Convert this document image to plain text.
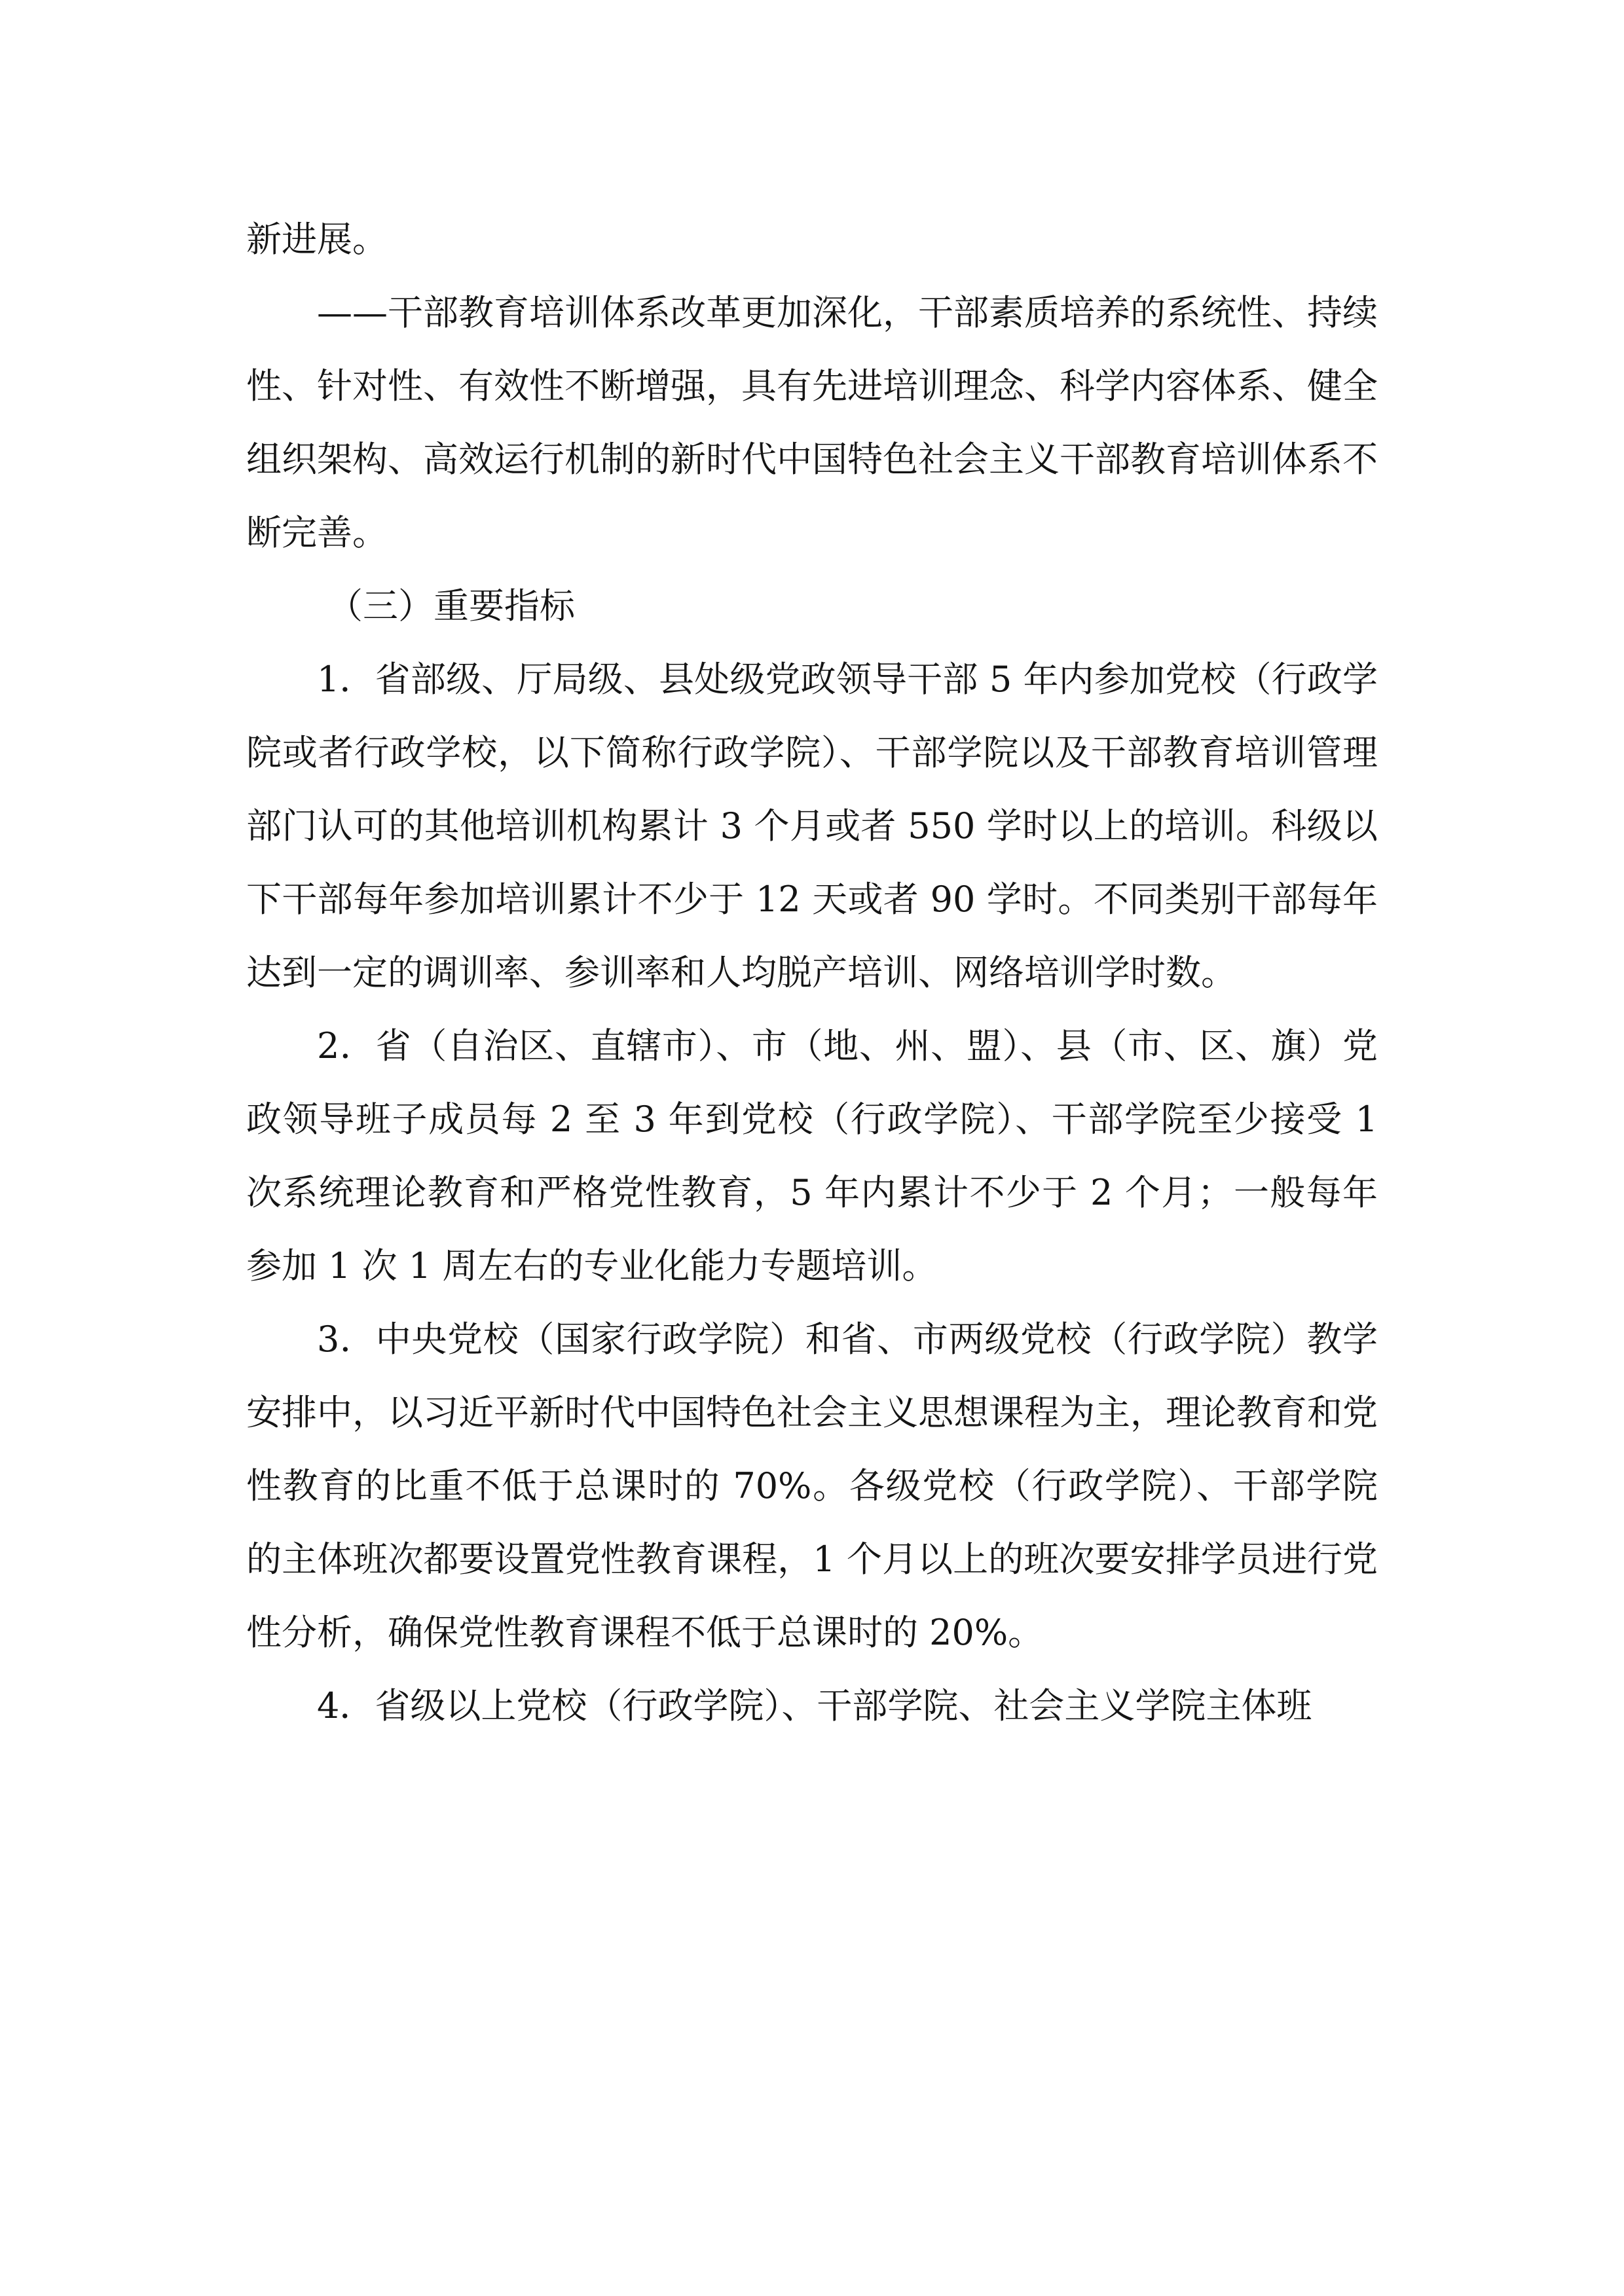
新进展。

——干部教育培训体系改革更加深化，干部素质培养的系统性、持续性、针对性、有效性不断增强，具有先进培训理念、科学内容体系、健全组织架构、高效运行机制的新时代中国特色社会主义干部教育培训体系不断完善。

（三）重要指标

1．省部级、厅局级、县处级党政领导干部 5 年内参加党校（行政学院或者行政学校，以下简称行政学院）、干部学院以及干部教育培训管理部门认可的其他培训机构累计 3 个月或者 550 学时以上的培训。科级以下干部每年参加培训累计不少于 12 天或者 90 学时。不同类别干部每年达到一定的调训率、参训率和人均脱产培训、网络培训学时数。

2．省（自治区、直辖市）、市（地、州、盟）、县（市、区、旗）党政领导班子成员每 2 至 3 年到党校（行政学院）、干部学院至少接受 1 次系统理论教育和严格党性教育，5 年内累计不少于 2 个月；一般每年参加 1 次 1 周左右的专业化能力专题培训。

3．中央党校（国家行政学院）和省、市两级党校（行政学院）教学安排中，以习近平新时代中国特色社会主义思想课程为主，理论教育和党性教育的比重不低于总课时的 70%。各级党校（行政学院）、干部学院的主体班次都要设置党性教育课程，1 个月以上的班次要安排学员进行党性分析，确保党性教育课程不低于总课时的 20%。

4．省级以上党校（行政学院）、干部学院、社会主义学院主体班
